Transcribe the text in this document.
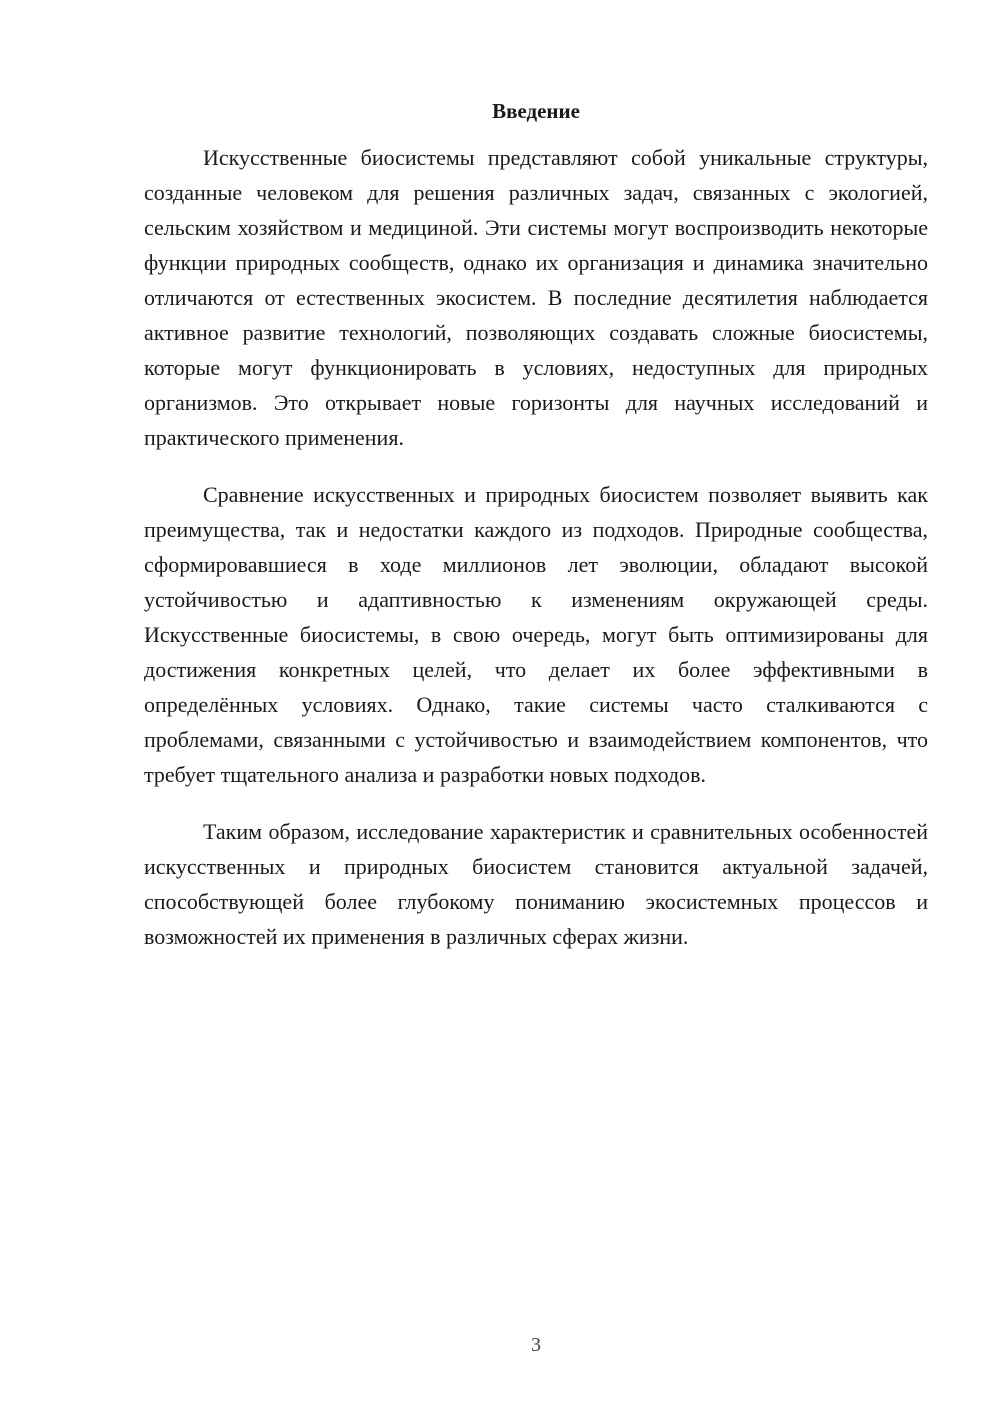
Введение

Искусственные биосистемы представляют собой уникальные структуры, созданные человеком для решения различных задач, связанных с экологией, сельским хозяйством и медициной. Эти системы могут воспроизводить некоторые функции природных сообществ, однако их организация и динамика значительно отличаются от естественных экосистем. В последние десятилетия наблюдается активное развитие технологий, позволяющих создавать сложные биосистемы, которые могут функционировать в условиях, недоступных для природных организмов. Это открывает новые горизонты для научных исследований и практического применения.

Сравнение искусственных и природных биосистем позволяет выявить как преимущества, так и недостатки каждого из подходов. Природные сообщества, сформировавшиеся в ходе миллионов лет эволюции, обладают высокой устойчивостью и адаптивностью к изменениям окружающей среды. Искусственные биосистемы, в свою очередь, могут быть оптимизированы для достижения конкретных целей, что делает их более эффективными в определённых условиях. Однако, такие системы часто сталкиваются с проблемами, связанными с устойчивостью и взаимодействием компонентов, что требует тщательного анализа и разработки новых подходов.

Таким образом, исследование характеристик и сравнительных особенностей искусственных и природных биосистем становится актуальной задачей, способствующей более глубокому пониманию экосистемных процессов и возможностей их применения в различных сферах жизни.

3
